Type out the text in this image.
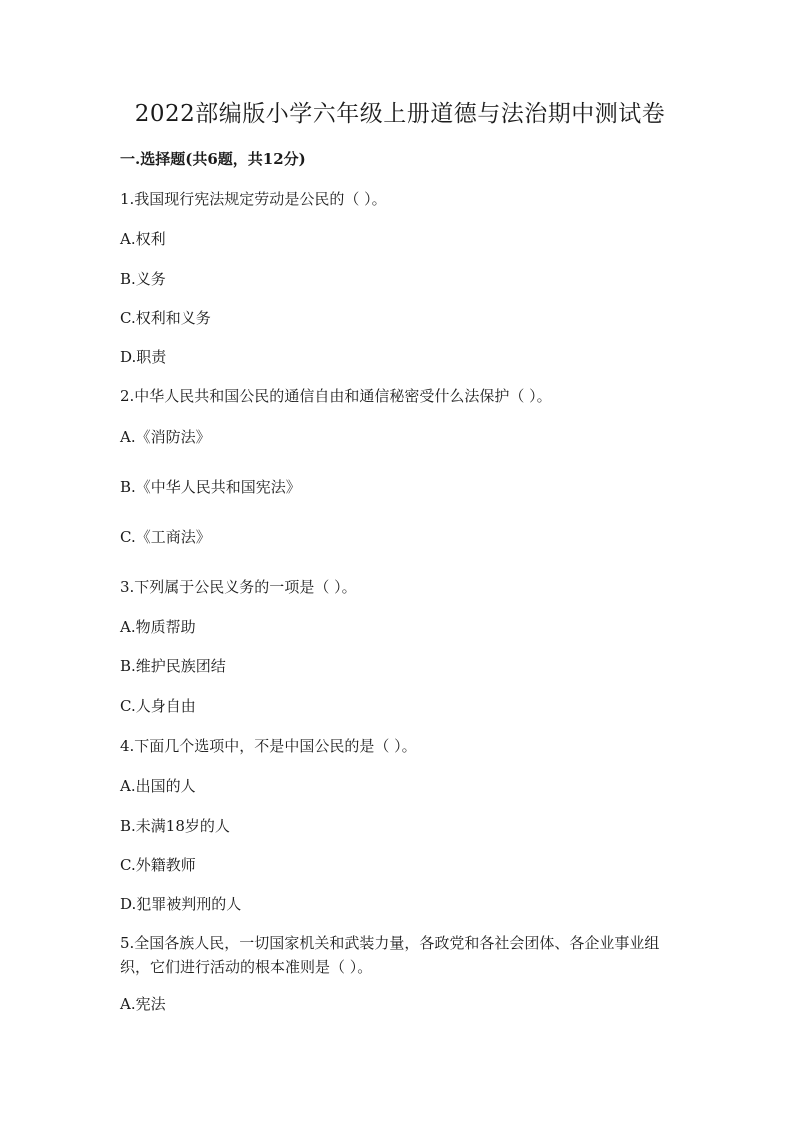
2022部编版小学六年级上册道德与法治期中测试卷
一.选择题(共6题，共12分)
1.我国现行宪法规定劳动是公民的（ ）。
A.权利
B.义务
C.权利和义务
D.职责
2.中华人民共和国公民的通信自由和通信秘密受什么法保护（ ）。
A.《消防法》
B.《中华人民共和国宪法》
C.《工商法》
3.下列属于公民义务的一项是（ ）。
A.物质帮助
B.维护民族团结
C.人身自由
4.下面几个选项中，不是中国公民的是（ ）。
A.出国的人
B.未满18岁的人
C.外籍教师
D.犯罪被判刑的人
5.全国各族人民，一切国家机关和武装力量，各政党和各社会团体、各企业事业组织，它们进行活动的根本准则是（ ）。
A.宪法
